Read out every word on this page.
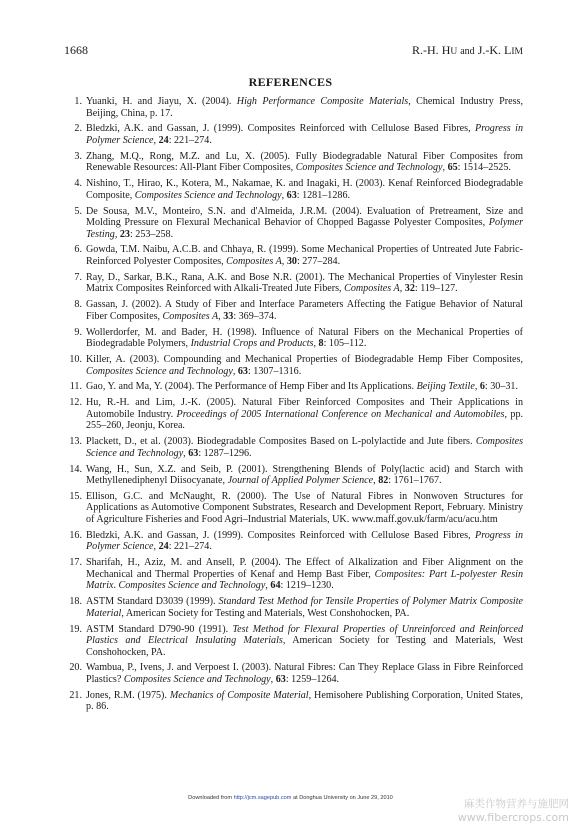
1668	R.-H. HU and J.-K. LIM
REFERENCES
1. Yuanki, H. and Jiayu, X. (2004). High Performance Composite Materials, Chemical Industry Press, Beijing, China, p. 17.
2. Bledzki, A.K. and Gassan, J. (1999). Composites Reinforced with Cellulose Based Fibres, Progress in Polymer Science, 24: 221–274.
3. Zhang, M.Q., Rong, M.Z. and Lu, X. (2005). Fully Biodegradable Natural Fiber Composites from Renewable Resources: All-Plant Fiber Composites, Composites Science and Technology, 65: 1514–2525.
4. Nishino, T., Hirao, K., Kotera, M., Nakamae, K. and Inagaki, H. (2003). Kenaf Reinforced Biodegradable Composite, Composites Science and Technology, 63: 1281–1286.
5. De Sousa, M.V., Monteiro, S.N. and d'Almeida, J.R.M. (2004). Evaluation of Pretreament, Size and Molding Pressure on Flexural Mechanical Behavior of Chopped Bagasse Polyester Composites, Polymer Testing, 23: 253–258.
6. Gowda, T.M. Naibu, A.C.B. and Chhaya, R. (1999). Some Mechanical Properties of Untreated Jute Fabric-Reinforced Polyester Composites, Composites A, 30: 277–284.
7. Ray, D., Sarkar, B.K., Rana, A.K. and Bose N.R. (2001). The Mechanical Properties of Vinylester Resin Matrix Composites Reinforced with Alkali-Treated Jute Fibers, Composites A, 32: 119–127.
8. Gassan, J. (2002). A Study of Fiber and Interface Parameters Affecting the Fatigue Behavior of Natural Fiber Composites, Composites A, 33: 369–374.
9. Wollerdorfer, M. and Bader, H. (1998). Influence of Natural Fibers on the Mechanical Properties of Biodegradable Polymers, Industrial Crops and Products, 8: 105–112.
10. Killer, A. (2003). Compounding and Mechanical Properties of Biodegradable Hemp Fiber Composites, Composites Science and Technology, 63: 1307–1316.
11. Gao, Y. and Ma, Y. (2004). The Performance of Hemp Fiber and Its Applications. Beijing Textile, 6: 30–31.
12. Hu, R.-H. and Lim, J.-K. (2005). Natural Fiber Reinforced Composites and Their Applications in Automobile Industry. Proceedings of 2005 International Conference on Mechanical and Automobiles, pp. 255–260, Jeonju, Korea.
13. Plackett, D., et al. (2003). Biodegradable Composites Based on L-polylactide and Jute fibers. Composites Science and Technology, 63: 1287–1296.
14. Wang, H., Sun, X.Z. and Seib, P. (2001). Strengthening Blends of Poly(lactic acid) and Starch with Methyllenediphenyl Diisocyanate, Journal of Applied Polymer Science, 82: 1761–1767.
15. Ellison, G.C. and McNaught, R. (2000). The Use of Natural Fibres in Nonwoven Structures for Applications as Automotive Component Substrates, Research and Development Report, February. Ministry of Agriculture Fisheries and Food Agri–Industrial Materials, UK. www.maff.gov.uk/farm/acu/acu.htm
16. Bledzki, A.K. and Gassan, J. (1999). Composites Reinforced with Cellulose Based Fibres, Progress in Polymer Science, 24: 221–274.
17. Sharifah, H., Aziz, M. and Ansell, P. (2004). The Effect of Alkalization and Fiber Alignment on the Mechanical and Thermal Properties of Kenaf and Hemp Bast Fiber, Composites: Part L-polyester Resin Matrix. Composites Science and Technology, 64: 1219–1230.
18. ASTM Standard D3039 (1999). Standard Test Method for Tensile Properties of Polymer Matrix Composite Material, American Society for Testing and Materials, West Conshohocken, PA.
19. ASTM Standard D790-90 (1991). Test Method for Flexural Properties of Unreinforced and Reinforced Plastics and Electrical Insulating Materials, American Society for Testing and Materials, West Conshohocken, PA.
20. Wambua, P., Ivens, J. and Verpoest I. (2003). Natural Fibres: Can They Replace Glass in Fibre Reinforced Plastics? Composites Science and Technology, 63: 1259–1264.
21. Jones, R.M. (1975). Mechanics of Composite Material, Hemisohere Publishing Corporation, United States, p. 86.
Downloaded from http://jcm.sagepub.com at Donghua University on June 29, 2010	麻类作物营养与施肥网
www.fibercrops.com
